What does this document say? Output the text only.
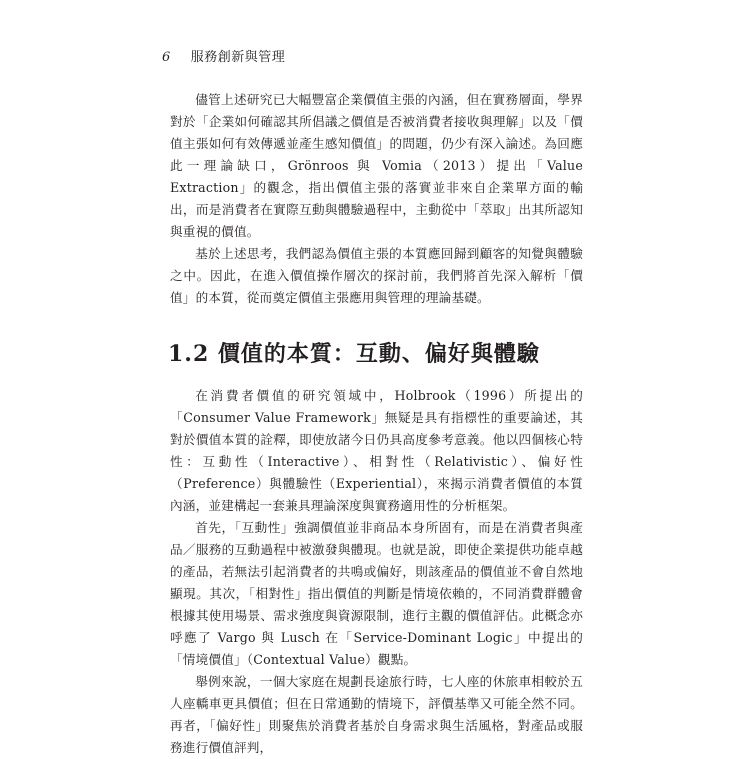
6 服務創新與管理

儘管上述研究已大幅豐富企業價值主張的內涵，但在實務層面，學界對於「企業如何確認其所倡議之價值是否被消費者接收與理解」以及「價值主張如何有效傳遞並產生感知價值」的問題，仍少有深入論述。為回應此一理論缺口，Grönroos 與 Vomia（2013）提出「Value Extraction」的觀念，指出價值主張的落實並非來自企業單方面的輸出，而是消費者在實際互動與體驗過程中，主動從中「萃取」出其所認知與重視的價值。

基於上述思考，我們認為價值主張的本質應回歸到顧客的知覺與體驗之中。因此，在進入價值操作層次的探討前，我們將首先深入解析「價值」的本質，從而奠定價值主張應用與管理的理論基礎。

1.2 價值的本質：互動、偏好與體驗

在消費者價值的研究領域中，Holbrook（1996）所提出的「Consumer Value Framework」無疑是具有指標性的重要論述，其對於價值本質的詮釋，即使放諸今日仍具高度參考意義。他以四個核心特性：互動性（Interactive）、相對性（Relativistic）、偏好性（Preference）與體驗性（Experiential），來揭示消費者價值的本質內涵，並建構起一套兼具理論深度與實務適用性的分析框架。

首先，「互動性」強調價值並非商品本身所固有，而是在消費者與產品／服務的互動過程中被激發與體現。也就是說，即使企業提供功能卓越的產品，若無法引起消費者的共鳴或偏好，則該產品的價值並不會自然地顯現。其次，「相對性」指出價值的判斷是情境依賴的，不同消費群體會根據其使用場景、需求強度與資源限制，進行主觀的價值評估。此概念亦呼應了 Vargo 與 Lusch 在「Service-Dominant Logic」中提出的「情境價值」（Contextual Value）觀點。

舉例來說，一個大家庭在規劃長途旅行時，七人座的休旅車相較於五人座轎車更具價值；但在日常通勤的情境下，評價基準又可能全然不同。再者，「偏好性」則聚焦於消費者基於自身需求與生活風格，對產品或服務進行價值評判，
